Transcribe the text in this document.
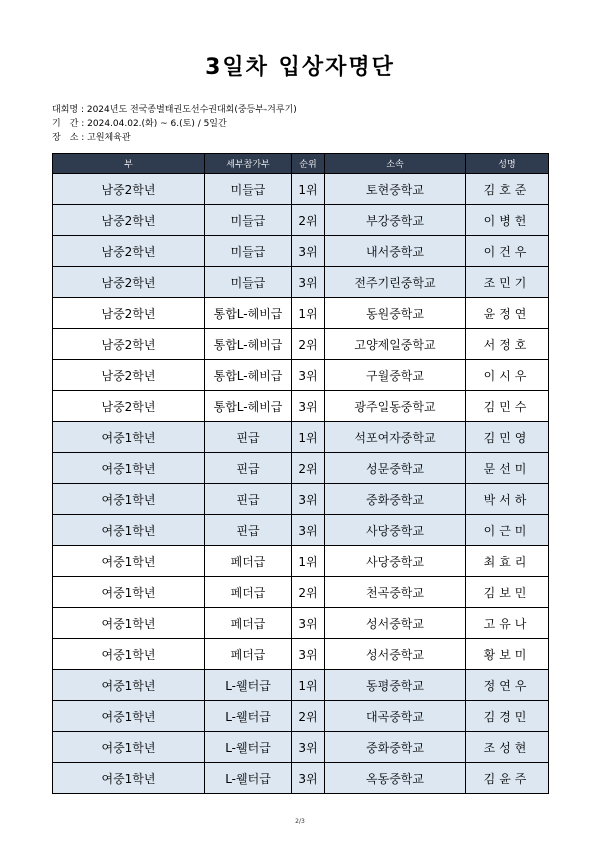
3일차 입상자명단
대회명 : 2024년도 전국종별태권도선수권대회(중등부-겨루기)
기　간 : 2024.04.02.(화) ~ 6.(토) / 5일간
장　소 : 고원체육관
부	세부참가부	순위	소속	성명
남중2학년	미들급	1위	토현중학교	김호준
남중2학년	미들급	2위	부강중학교	이병헌
남중2학년	미들급	3위	내서중학교	이건우
남중2학년	미들급	3위	전주기린중학교	조민기
남중2학년	통합L-헤비급	1위	동원중학교	윤정연
남중2학년	통합L-헤비급	2위	고양제일중학교	서정호
남중2학년	통합L-헤비급	3위	구월중학교	이시우
남중2학년	통합L-헤비급	3위	광주일동중학교	김민수
여중1학년	핀급	1위	석포여자중학교	김민영
여중1학년	핀급	2위	성문중학교	문선미
여중1학년	핀급	3위	중화중학교	박서하
여중1학년	핀급	3위	사당중학교	이근미
여중1학년	페더급	1위	사당중학교	최효리
여중1학년	페더급	2위	천곡중학교	김보민
여중1학년	페더급	3위	성서중학교	고유나
여중1학년	페더급	3위	성서중학교	황보미
여중1학년	L-웰터급	1위	동평중학교	정연우
여중1학년	L-웰터급	2위	대곡중학교	김경민
여중1학년	L-웰터급	3위	중화중학교	조성현
여중1학년	L-웰터급	3위	옥동중학교	김윤주
2/3
